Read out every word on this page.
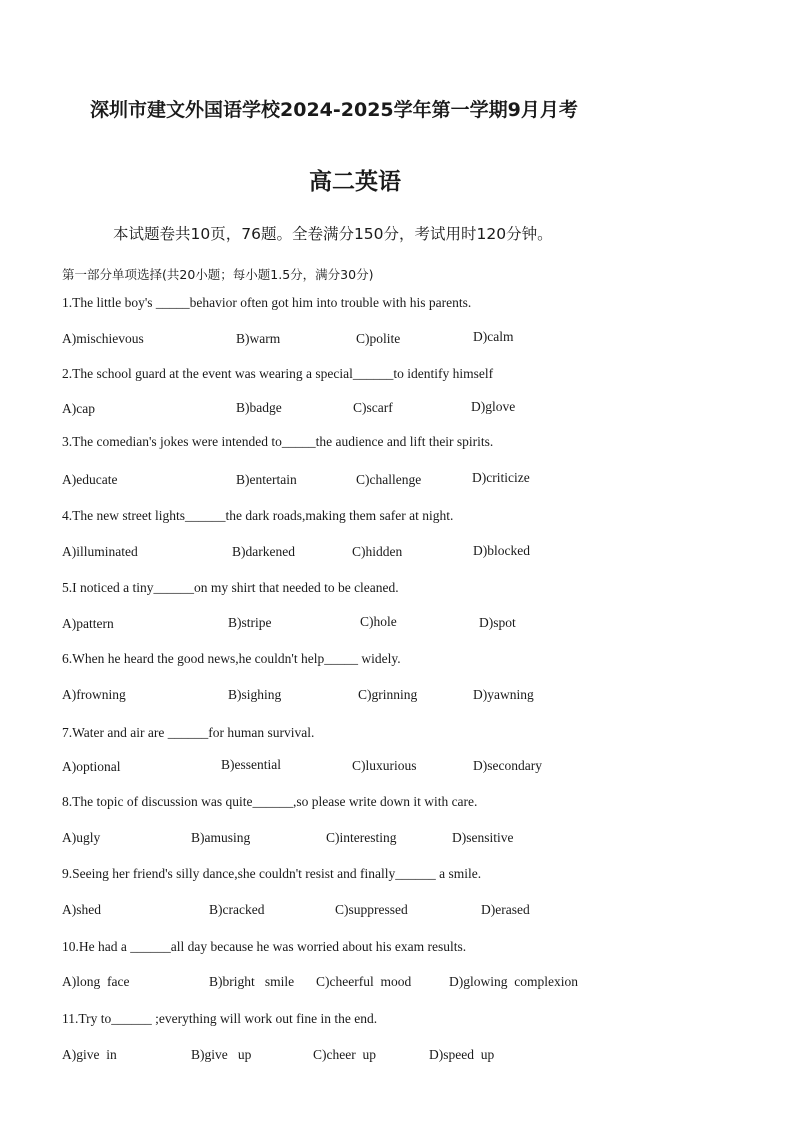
深圳市建文外国语学校2024-2025学年第一学期9月月考
高二英语
本试题卷共10页，76题。全卷满分150分，考试用时120分钟。
第一部分单项选择(共20小题；每小题1.5分，满分30分)
1.The little boy's _____behavior often got him into trouble with his parents.
A)mischievous	B)warm	C)polite	D)calm
2.The school guard at the event was wearing a special______to identify himself
A)cap	B)badge	C)scarf	D)glove
3.The comedian's jokes were intended to_____the audience and lift their spirits.
A)educate	B)entertain	C)challenge	D)criticize
4.The new street lights______the dark roads,making them safer at night.
A)illuminated	B)darkened	C)hidden	D)blocked
5.I noticed a tiny______on my shirt that needed to be cleaned.
A)pattern	B)stripe	C)hole	D)spot
6.When he heard the good news,he couldn't help_____ widely.
A)frowning	B)sighing	C)grinning	D)yawning
7.Water and air are ______for human survival.
A)optional	B)essential	C)luxurious	D)secondary
8.The topic of discussion was quite______,so please write down it with care.
A)ugly	B)amusing	C)interesting	D)sensitive
9.Seeing her friend's silly dance,she couldn't resist and finally______ a smile.
A)shed	B)cracked	C)suppressed	D)erased
10.He had a ______all day because he was worried about his exam results.
A)long  face	B)bright   smile C)cheerful  mood	D)glowing  complexion
11.Try to______ ;everything will work out fine in the end.
A)give  in	B)give   up	C)cheer  up	D)speed  up
